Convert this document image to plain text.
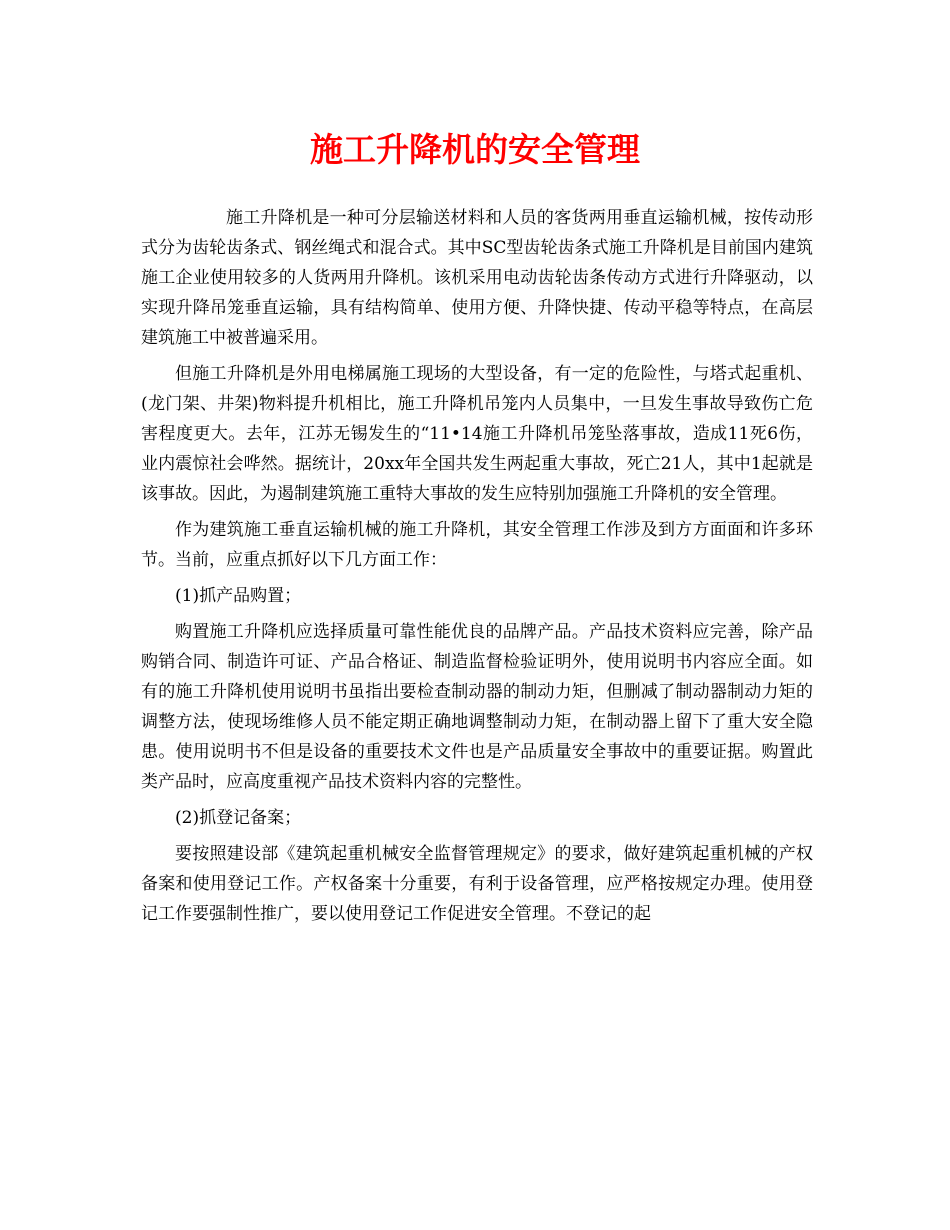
施工升降机的安全管理

施工升降机是一种可分层输送材料和人员的客货两用垂直运输机械，按传动形式分为齿轮齿条式、钢丝绳式和混合式。其中SC型齿轮齿条式施工升降机是目前国内建筑施工企业使用较多的人货两用升降机。该机采用电动齿轮齿条传动方式进行升降驱动，以实现升降吊笼垂直运输，具有结构简单、使用方便、升降快捷、传动平稳等特点，在高层建筑施工中被普遍采用。

但施工升降机是外用电梯属施工现场的大型设备，有一定的危险性，与塔式起重机、(龙门架、井架)物料提升机相比，施工升降机吊笼内人员集中，一旦发生事故导致伤亡危害程度更大。去年，江苏无锡发生的“11•14施工升降机吊笼坠落事故，造成11死6伤，业内震惊社会哗然。据统计，20xx年全国共发生两起重大事故，死亡21人，其中1起就是该事故。因此，为遏制建筑施工重特大事故的发生应特别加强施工升降机的安全管理。

作为建筑施工垂直运输机械的施工升降机，其安全管理工作涉及到方方面面和许多环节。当前，应重点抓好以下几方面工作：

(1)抓产品购置；

购置施工升降机应选择质量可靠性能优良的品牌产品。产品技术资料应完善，除产品购销合同、制造许可证、产品合格证、制造监督检验证明外，使用说明书内容应全面。如有的施工升降机使用说明书虽指出要检查制动器的制动力矩，但删减了制动器制动力矩的调整方法，使现场维修人员不能定期正确地调整制动力矩，在制动器上留下了重大安全隐患。使用说明书不但是设备的重要技术文件也是产品质量安全事故中的重要证据。购置此类产品时，应高度重视产品技术资料内容的完整性。

(2)抓登记备案；

要按照建设部《建筑起重机械安全监督管理规定》的要求，做好建筑起重机械的产权备案和使用登记工作。产权备案十分重要，有利于设备管理，应严格按规定办理。使用登记工作要强制性推广，要以使用登记工作促进安全管理。不登记的起
